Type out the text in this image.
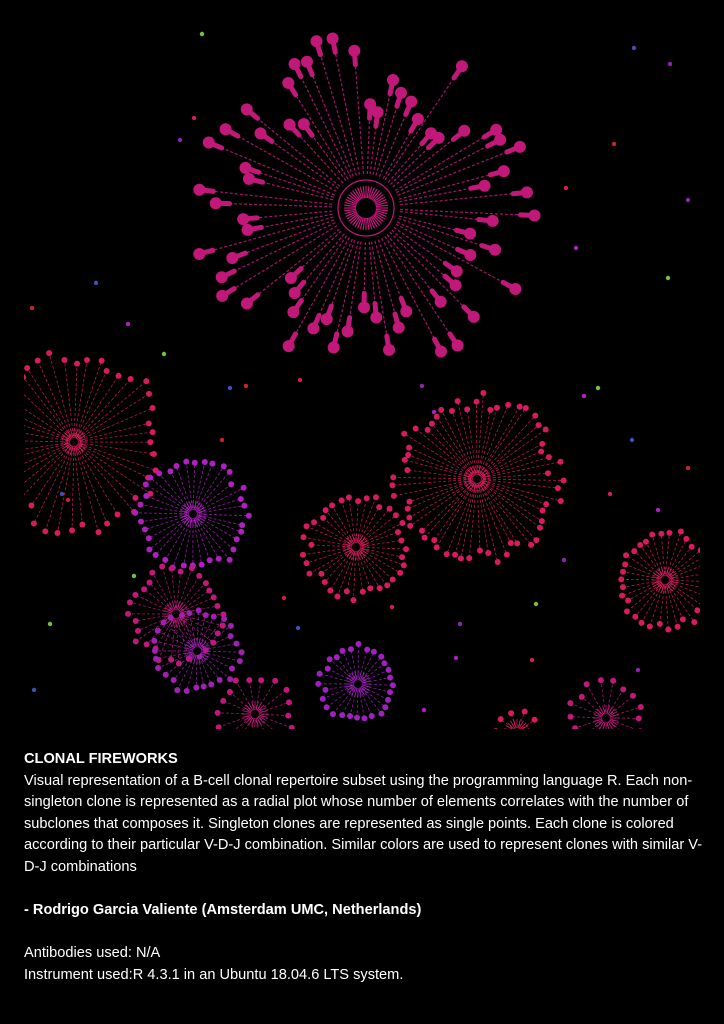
CLONAL FIREWORKS

Visual representation of a B-cell clonal repertoire subset using the programming language R. Each non-singleton clone is represented as a radial plot whose number of elements correlates with the number of subclones that composes it. Singleton clones are represented as single points. Each clone is colored according to their particular V-D-J combination. Similar colors are used to represent clones with similar V-D-J combinations

- Rodrigo Garcia Valiente (Amsterdam UMC, Netherlands)

Antibodies used: N/A
Instrument used:R 4.3.1 in an Ubuntu 18.04.6 LTS system.
